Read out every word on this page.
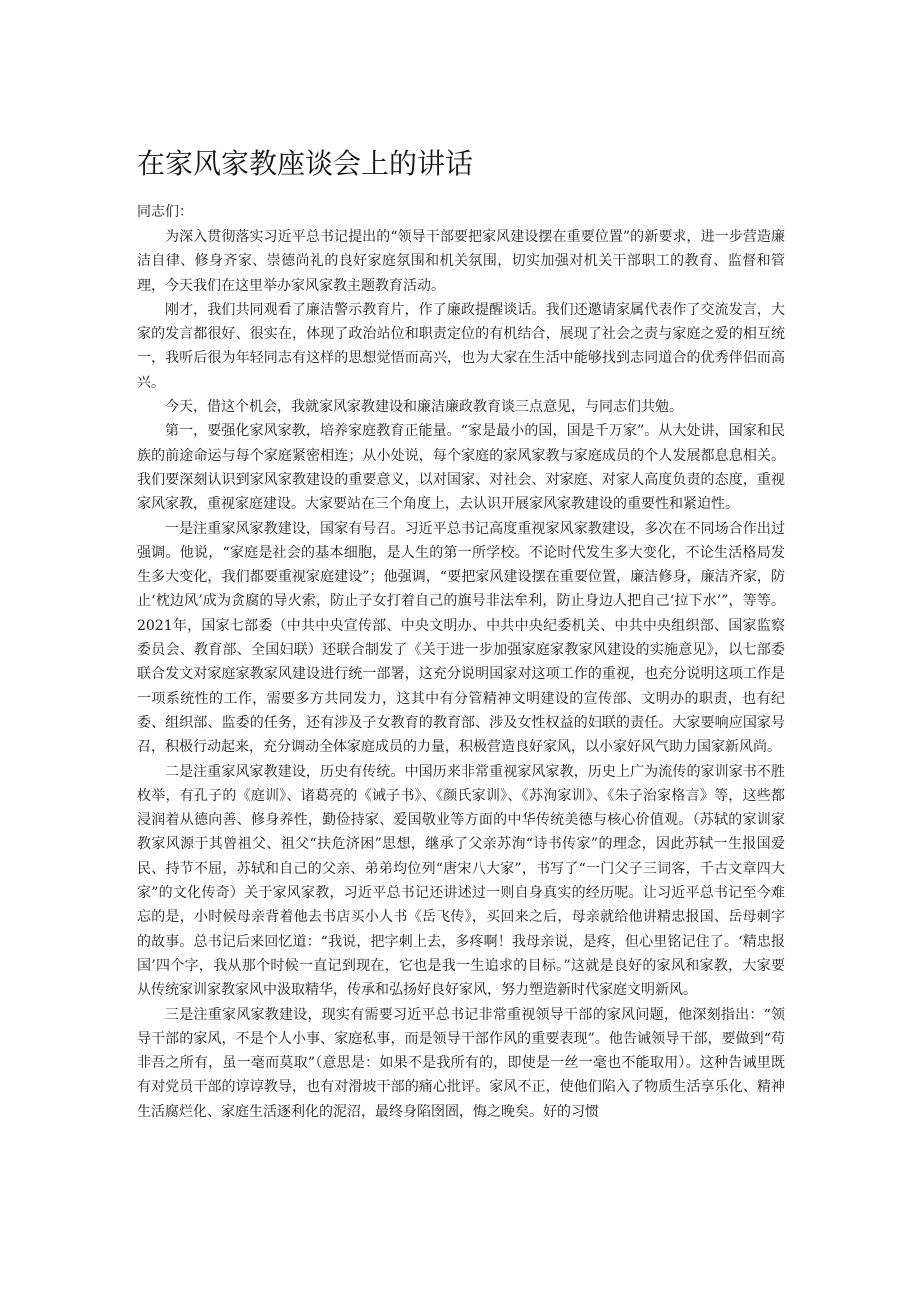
在家风家教座谈会上的讲话

同志们：

为深入贯彻落实习近平总书记提出的“领导干部要把家风建设摆在重要位置”的新要求，进一步营造廉洁自律、修身齐家、崇德尚礼的良好家庭氛围和机关氛围，切实加强对机关干部职工的教育、监督和管理，今天我们在这里举办家风家教主题教育活动。

刚才，我们共同观看了廉洁警示教育片，作了廉政提醒谈话。我们还邀请家属代表作了交流发言，大家的发言都很好、很实在，体现了政治站位和职责定位的有机结合，展现了社会之责与家庭之爱的相互统一，我听后很为年轻同志有这样的思想觉悟而高兴，也为大家在生活中能够找到志同道合的优秀伴侣而高兴。

今天，借这个机会，我就家风家教建设和廉洁廉政教育谈三点意见，与同志们共勉。

第一，要强化家风家教，培养家庭教育正能量。“家是最小的国，国是千万家”。从大处讲，国家和民族的前途命运与每个家庭紧密相连；从小处说，每个家庭的家风家教与家庭成员的个人发展都息息相关。我们要深刻认识到家风家教建设的重要意义，以对国家、对社会、对家庭、对家人高度负责的态度，重视家风家教，重视家庭建设。大家要站在三个角度上，去认识开展家风家教建设的重要性和紧迫性。

一是注重家风家教建设，国家有号召。习近平总书记高度重视家风家教建设，多次在不同场合作出过强调。他说，“家庭是社会的基本细胞，是人生的第一所学校。不论时代发生多大变化，不论生活格局发生多大变化，我们都要重视家庭建设”；他强调，“要把家风建设摆在重要位置，廉洁修身，廉洁齐家，防止‘枕边风’成为贪腐的导火索，防止子女打着自己的旗号非法牟利，防止身边人把自己‘拉下水’”，等等。2021年，国家七部委（中共中央宣传部、中央文明办、中共中央纪委机关、中共中央组织部、国家监察委员会、教育部、全国妇联）还联合制发了《关于进一步加强家庭家教家风建设的实施意见》，以七部委联合发文对家庭家教家风建设进行统一部署，这充分说明国家对这项工作的重视，也充分说明这项工作是一项系统性的工作，需要多方共同发力，这其中有分管精神文明建设的宣传部、文明办的职责，也有纪委、组织部、监委的任务，还有涉及子女教育的教育部、涉及女性权益的妇联的责任。大家要响应国家号召，积极行动起来，充分调动全体家庭成员的力量，积极营造良好家风，以小家好风气助力国家新风尚。

二是注重家风家教建设，历史有传统。中国历来非常重视家风家教，历史上广为流传的家训家书不胜枚举，有孔子的《庭训》、诸葛亮的《诫子书》、《颜氏家训》、《苏洵家训》、《朱子治家格言》等，这些都浸润着从德向善、修身养性，勤俭持家、爱国敬业等方面的中华传统美德与核心价值观。（苏轼的家训家教家风源于其曾祖父、祖父“扶危济困”思想，继承了父亲苏洵“诗书传家”的理念，因此苏轼一生报国爱民、持节不屈，苏轼和自己的父亲、弟弟均位列“唐宋八大家”，书写了“一门父子三词客，千古文章四大家”的文化传奇）关于家风家教，习近平总书记还讲述过一则自身真实的经历呢。让习近平总书记至今难忘的是，小时候母亲背着他去书店买小人书《岳飞传》，买回来之后，母亲就给他讲精忠报国、岳母刺字的故事。总书记后来回忆道：“我说，把字刺上去，多疼啊！我母亲说，是疼，但心里铭记住了。‘精忠报国’四个字，我从那个时候一直记到现在，它也是我一生追求的目标。”这就是良好的家风和家教，大家要从传统家训家教家风中汲取精华，传承和弘扬好良好家风，努力塑造新时代家庭文明新风。

三是注重家风家教建设，现实有需要习近平总书记非常重视领导干部的家风问题，他深刻指出：“领导干部的家风，不是个人小事、家庭私事，而是领导干部作风的重要表现”。他告诫领导干部，要做到“苟非吾之所有，虽一毫而莫取”（意思是：如果不是我所有的，即使是一丝一毫也不能取用）。这种告诫里既有对党员干部的谆谆教导，也有对滑坡干部的痛心批评。家风不正，使他们陷入了物质生活享乐化、精神生活腐烂化、家庭生活逐利化的泥沼，最终身陷囹圄，悔之晚矣。好的习惯
